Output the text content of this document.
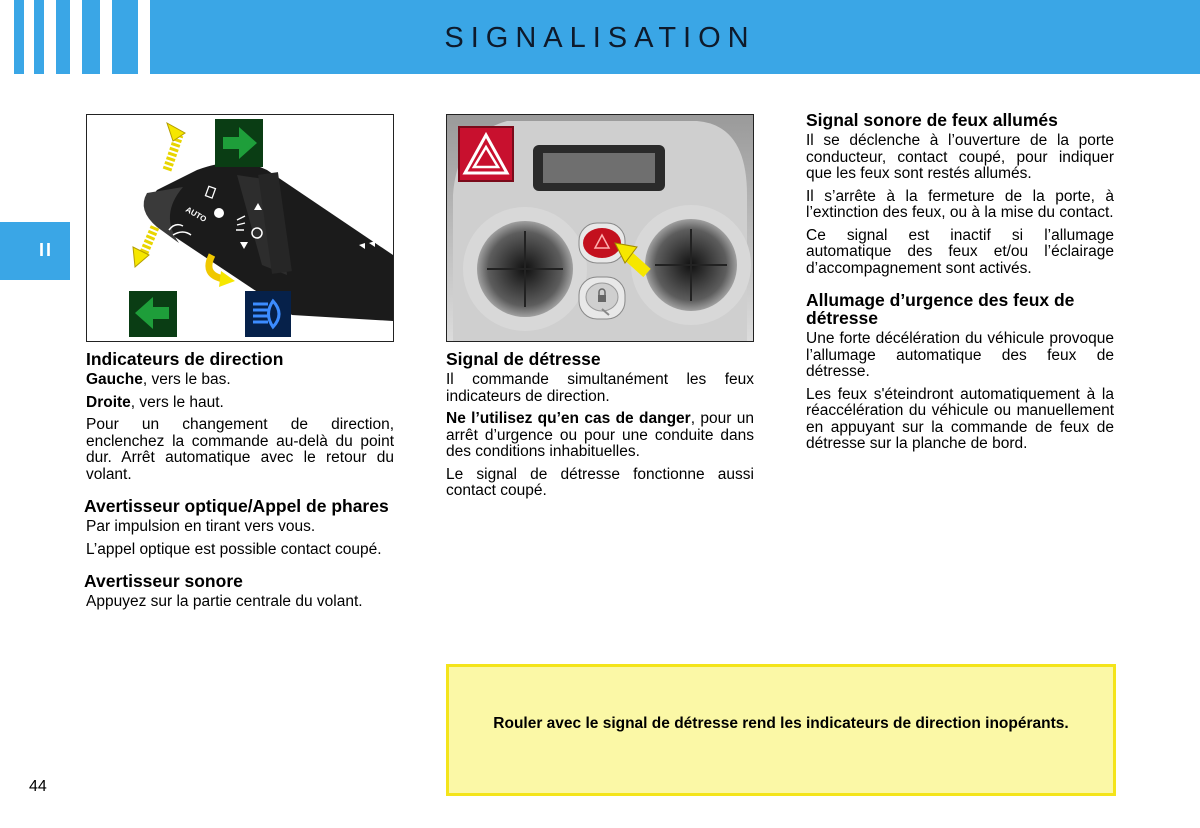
SIGNALISATION
II
AUTO
Indicateurs de direction

Gauche, vers le bas.

Droite, vers le haut.

Pour un changement de direction, enclenchez la commande au-delà du point dur. Arrêt automatique avec le retour du volant.

Avertisseur optique/Appel de phares

Par impulsion en tirant vers vous.

L’appel optique est possible contact coupé.

Avertisseur sonore

Appuyez sur la partie centrale du volant.

Signal de détresse

Il commande simultanément les feux indicateurs de direction.

Ne l’utilisez qu’en cas de danger, pour un arrêt d’urgence ou pour une conduite dans des conditions inhabituelles.

Le signal de détresse fonctionne aussi contact coupé.

Signal sonore de feux allumés

Il se déclenche à l’ouverture de la porte conducteur, contact coupé, pour indiquer que les feux sont restés allumés.

Il s’arrête à la fermeture de la porte, à l’extinction des feux, ou à la mise du contact.

Ce signal est inactif si l’allumage automatique des feux et/ou l’éclairage d’accompagnement sont activés.

Allumage d’urgence des feux de détresse

Une forte décélération du véhicule provoque l’allumage automatique des feux de détresse.

Les feux s'éteindront automatiquement à la réaccélération du véhicule ou manuellement en appuyant sur la commande de feux de détresse sur la planche de bord.

Rouler avec le signal de détresse rend les indicateurs de direction inopérants.

44
